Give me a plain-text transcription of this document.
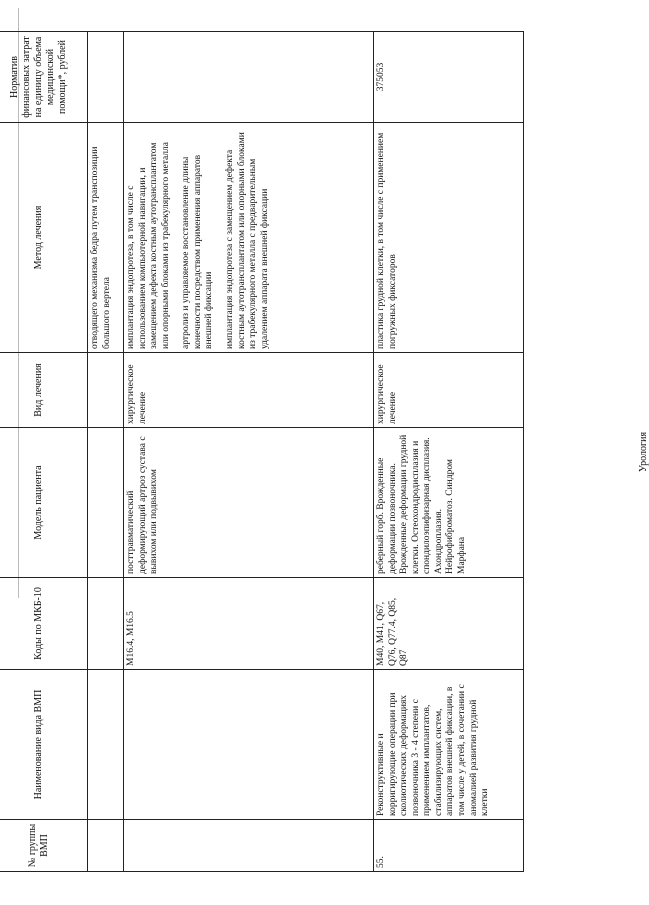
№ группы ВМП	Наименование вида ВМП	Коды по МКБ-10	Модель пациента	Вид лечения	Метод лечения	Норматив финансовых затрат на единицу объема медицинской помощи*, рублей

					отводящего механизма бедра путем транспозиции большого вертела	

		M16.4, M16.5	посттравматический деформирующий артроз сустава с вывихом или подвывихом	хирургическое лечение	имплантация эндопротеза, в том числе с использованием компьютерной навигации, и замещением дефекта костным аутотрансплантатом или опорными блоками из трабекулярного металла артролиз и управляемое восстановление длины конечности посредством применения аппаратов внешней фиксации имплантация эндопротеза с замещением дефекта костным аутотрансплантатом или опорными блоками из трабекулярного металла с предварительным удалением аппарата внешней фиксации	

55.	Реконструктивные и корригирующие операции при сколиотических деформациях позвоночника 3 - 4 степени с применением имплантатов, стабилизирующих систем, аппаратов внешней фиксации, в том числе у детей, в сочетании с аномалией развития грудной клетки	M40, M41, Q67, Q76, Q77.4, Q85, Q87	реберный горб. Врожденные деформации позвоночника. Врожденные деформации грудной клетки. Остеохондродисплазия и спондилоэпифизарная дисплазия. Ахондроплазия. Нейрофиброматоз. Синдром Марфана	хирургическое лечение	пластика грудной клетки, в том числе с применением погружных фиксаторов	375053
Урология
